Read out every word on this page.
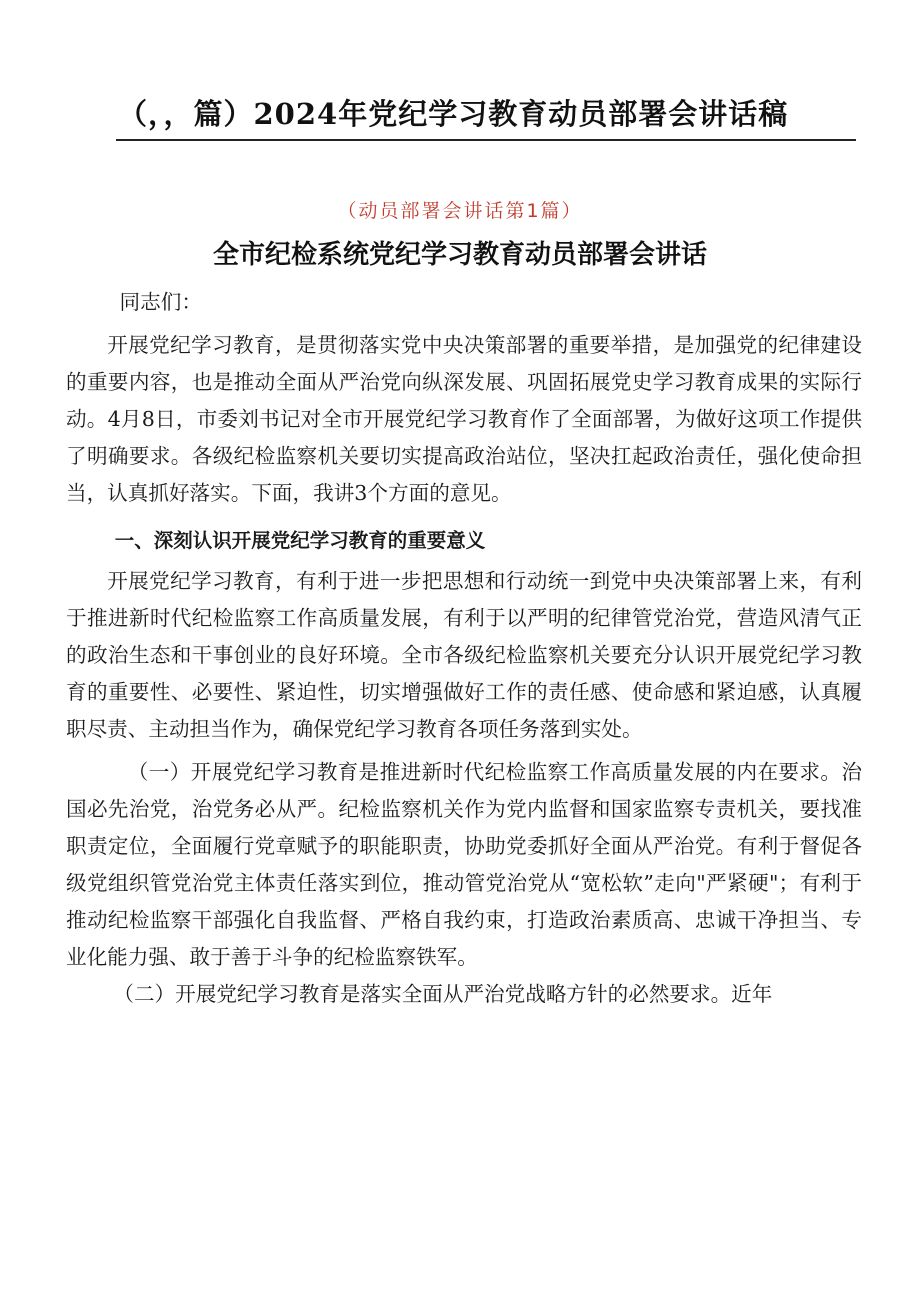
（，，篇）2024年党纪学习教育动员部署会讲话稿
（动员部署会讲话第1篇）
全市纪检系统党纪学习教育动员部署会讲话

同志们：

开展党纪学习教育，是贯彻落实党中央决策部署的重要举措，是加强党的纪律建设的重要内容，也是推动全面从严治党向纵深发展、巩固拓展党史学习教育成果的实际行动。4月8日，市委刘书记对全市开展党纪学习教育作了全面部署，为做好这项工作提供了明确要求。各级纪检监察机关要切实提高政治站位，坚决扛起政治责任，强化使命担当，认真抓好落实。下面，我讲3个方面的意见。

一、深刻认识开展党纪学习教育的重要意义

开展党纪学习教育，有利于进一步把思想和行动统一到党中央决策部署上来，有利于推进新时代纪检监察工作高质量发展，有利于以严明的纪律管党治党，营造风清气正的政治生态和干事创业的良好环境。全市各级纪检监察机关要充分认识开展党纪学习教育的重要性、必要性、紧迫性，切实增强做好工作的责任感、使命感和紧迫感，认真履职尽责、主动担当作为，确保党纪学习教育各项任务落到实处。

（一）开展党纪学习教育是推进新时代纪检监察工作高质量发展的内在要求。治国必先治党，治党务必从严。纪检监察机关作为党内监督和国家监察专责机关，要找准职责定位，全面履行党章赋予的职能职责，协助党委抓好全面从严治党。有利于督促各级党组织管党治党主体责任落实到位，推动管党治党从“宽松软”走向"严紧硬"；有利于推动纪检监察干部强化自我监督、严格自我约束，打造政治素质高、忠诚干净担当、专业化能力强、敢于善于斗争的纪检监察铁军。

（二）开展党纪学习教育是落实全面从严治党战略方针的必然要求。近年
